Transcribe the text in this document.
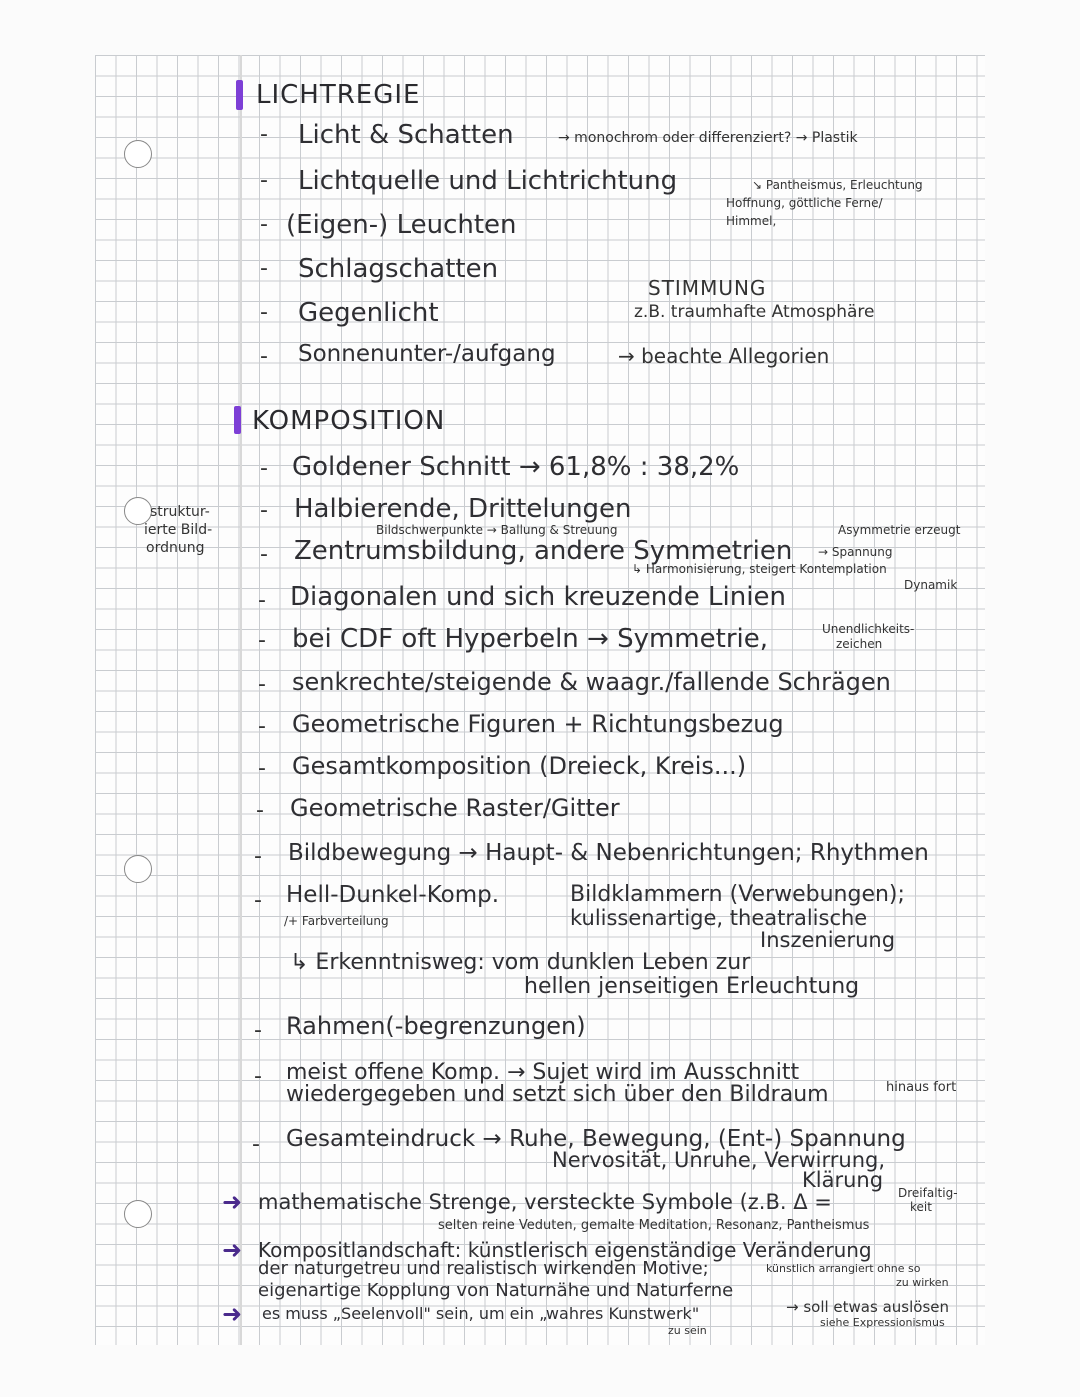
LICHTREGIE
- Licht & Schatten	→ monochrom oder differenziert? → Plastik
- Lichtquelle und Lichtrichtung	↘ Pantheismus, Erleuchtung
Hoffnung, göttliche Ferne/
Himmel,
- (Eigen-) Leuchten
- Schlagschatten
STIMMUNG
- Gegenlicht	z.B. traumhafte Atmosphäre
- Sonnenunter-/aufgang	→ beachte Allegorien
KOMPOSITION
struktur-
ierte Bild-
ordnung
- Goldener Schnitt → 61,8% : 38,2%
- Halbierende, Drittelungen
Bildschwerpunkte → Ballung & Streuung	Asymmetrie erzeugt
- Zentrumsbildung, andere Symmetrien → Spannung
↳ Harmonisierung, steigert Kontemplation
Dynamik
- Diagonalen und sich kreuzende Linien
- bei CDF oft Hyperbeln → Symmetrie,	Unendlichkeits-
zeichen
- senkrechte/steigende & waagr./fallende Schrägen
- Geometrische Figuren + Richtungsbezug
- Gesamtkomposition (Dreieck, Kreis...)
- Geometrische Raster/Gitter
- Bildbewegung → Haupt- & Nebenrichtungen; Rhythmen
- Hell-Dunkel-Komp.	Bildklammern (Verwebungen);
/+ Farbverteilung	kulissenartige, theatralische
Inszenierung
↳ Erkenntnisweg: vom dunklen Leben zur
hellen jenseitigen Erleuchtung
- Rahmen(-begrenzungen)
- meist offene Komp. → Sujet wird im Ausschnitt
wiedergegeben und setzt sich über den Bildraum	hinaus fort
- Gesamteindruck → Ruhe, Bewegung, (Ent-) Spannung
Nervosität, Unruhe, Verwirrung,
Klärung
➜ mathematische Strenge, versteckte Symbole (z.B. Δ =	Dreifaltig-
keit
selten reine Veduten, gemalte Meditation, Resonanz, Pantheismus
➜ Kompositlandschaft: künstlerisch eigenständige Veränderung
der naturgetreu und realistisch wirkenden Motive;	künstlich arrangiert ohne so
zu wirken
eigenartige Kopplung von Naturnähe und Naturferne
➜ es muss „Seelenvoll" sein, um ein „wahres Kunstwerk"
zu sein
→ soll etwas auslösen
siehe Expressionismus
